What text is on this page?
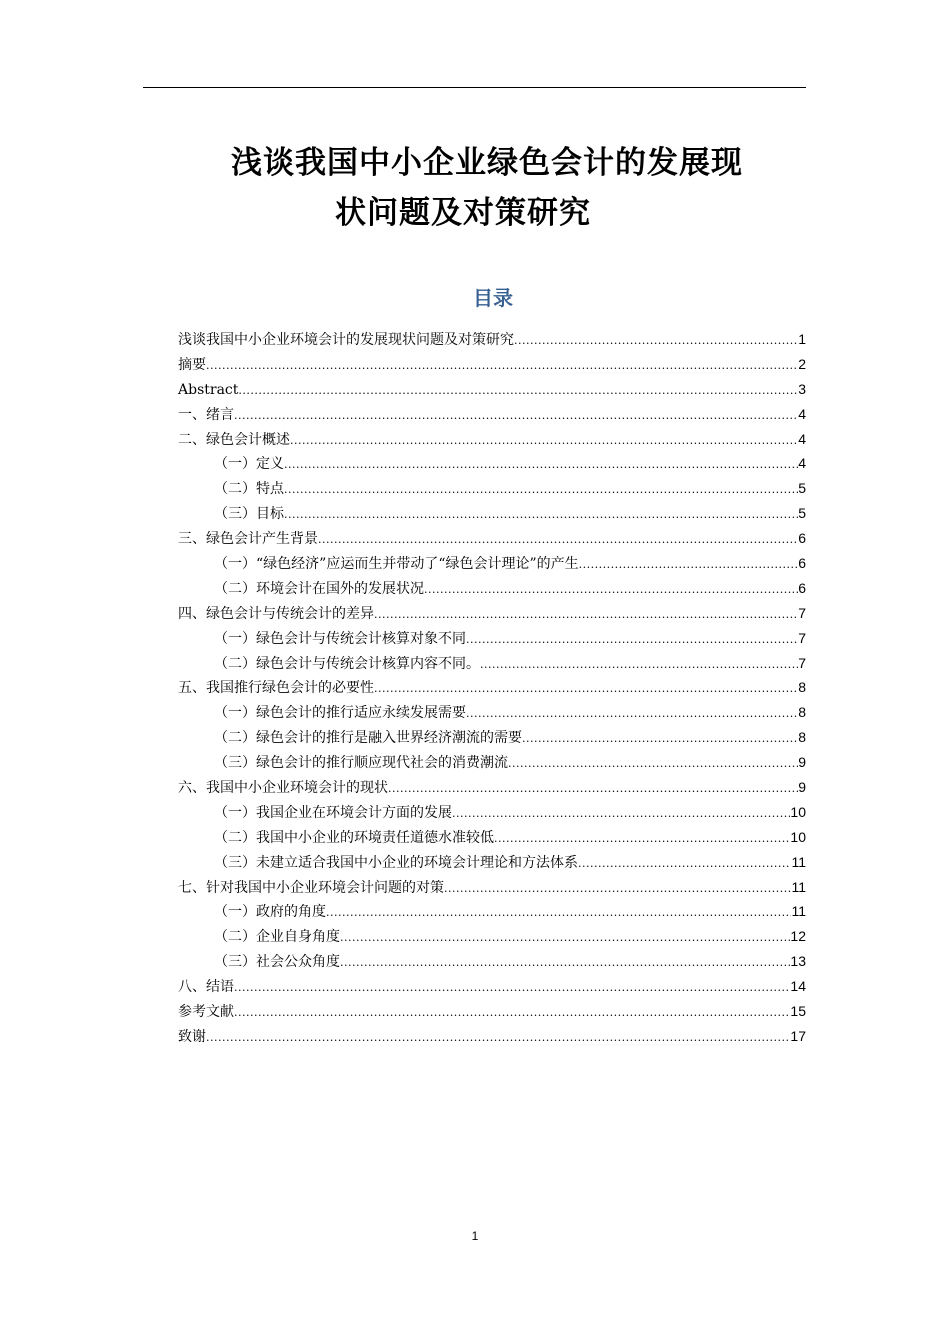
浅谈我国中小企业绿色会计的发展现
状问题及对策研究
目录
浅谈我国中小企业环境会计的发展现状问题及对策研究 .....	1
摘要 .....	2
Abstract .....	3
一、绪言 .....	4
二、绿色会计概述 .....	4
（一）定义 .....	4
（二）特点 .....	5
（三）目标 .....	5
三、绿色会计产生背景 .....	6
（一）“绿色经济”应运而生并带动了“绿色会计理论”的产生 .....	6
（二）环境会计在国外的发展状况 .....	6
四、绿色会计与传统会计的差异 .....	7
（一）绿色会计与传统会计核算对象不同 .....	7
（二）绿色会计与传统会计核算内容不同。 .....	7
五、我国推行绿色会计的必要性 .....	8
（一）绿色会计的推行适应永续发展需要 .....	8
（二）绿色会计的推行是融入世界经济潮流的需要 .....	8
（三）绿色会计的推行顺应现代社会的消费潮流 .....	9
六、我国中小企业环境会计的现状 .....	9
（一）我国企业在环境会计方面的发展 .....	10
（二）我国中小企业的环境责任道德水准较低 .....	10
（三）未建立适合我国中小企业的环境会计理论和方法体系 .....	11
七、针对我国中小企业环境会计问题的对策 .....	11
（一）政府的角度 .....	11
（二）企业自身角度 .....	12
（三）社会公众角度 .....	13
八、结语 .....	14
参考文献 .....	15
致谢 .....	17
1
